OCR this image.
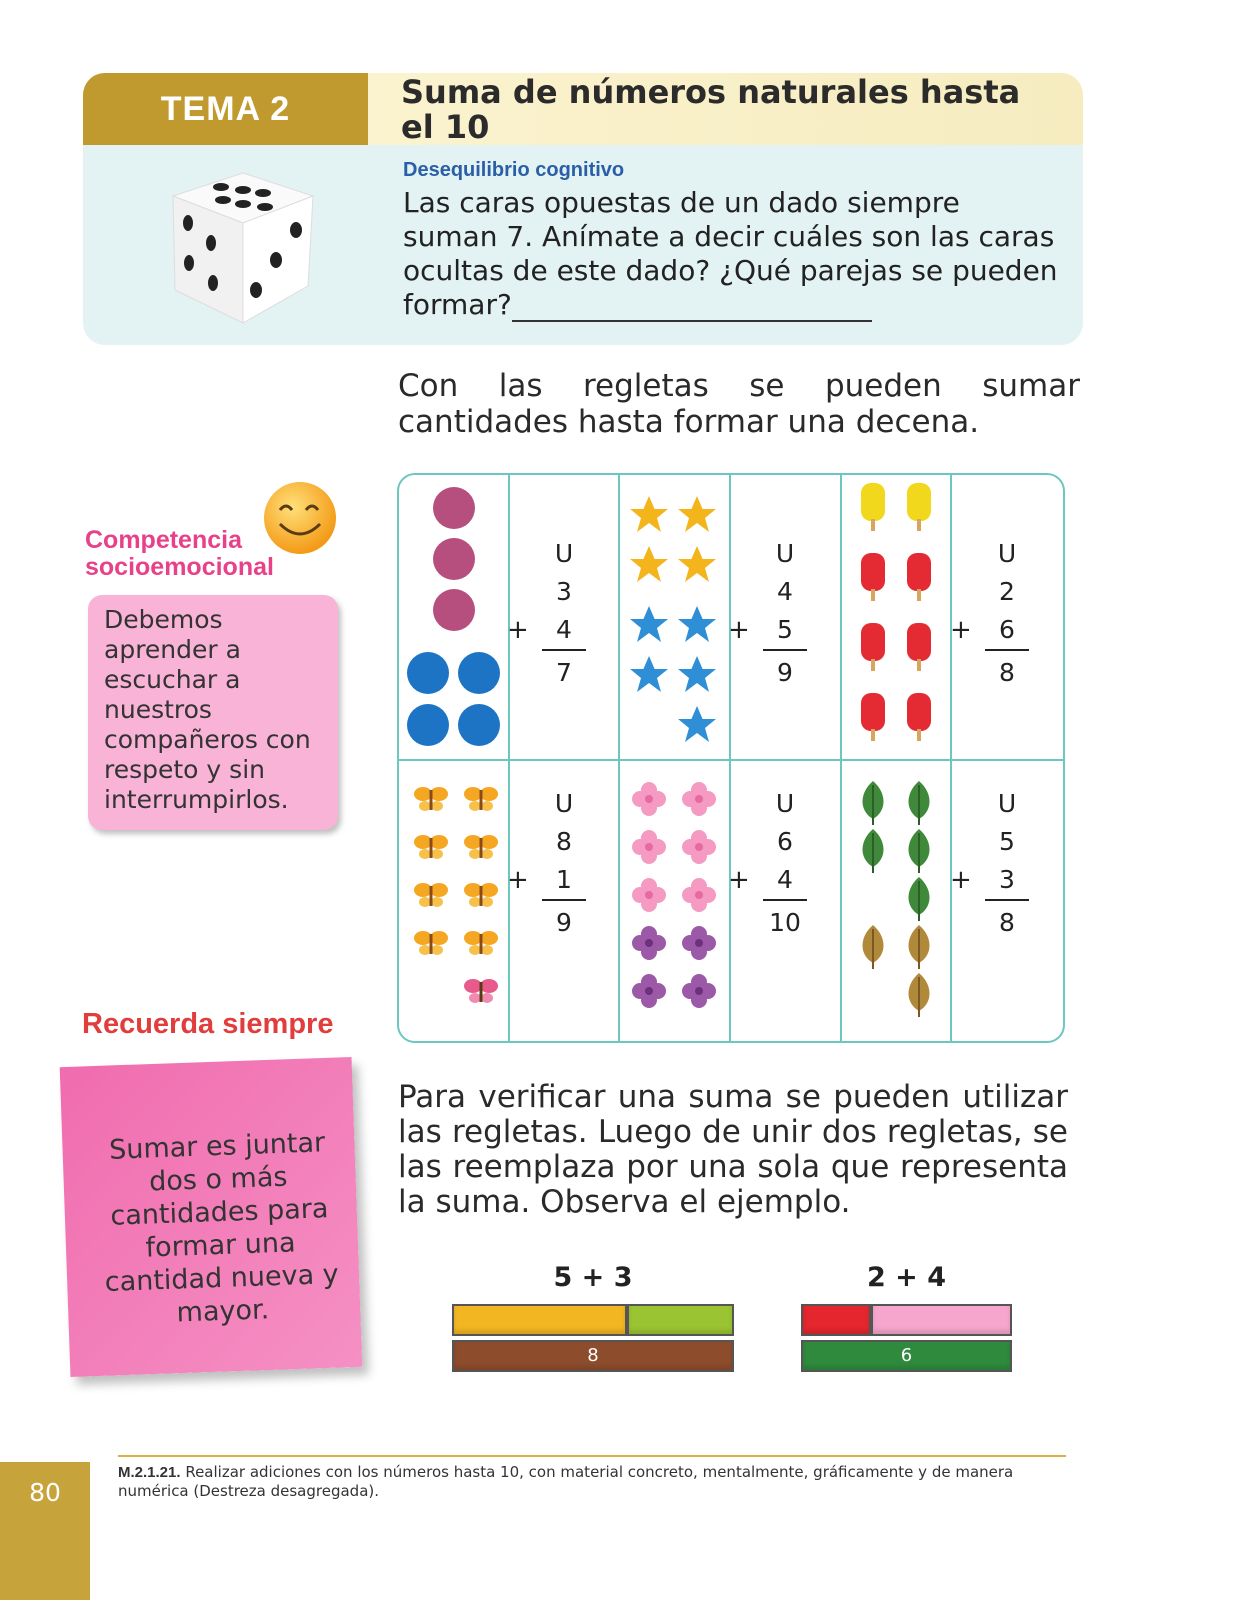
TEMA 2	Suma de números naturales hasta el 10
Desequilibrio cognitivo
Las caras opuestas de un dado siempre suman 7. Anímate a decir cuáles son las caras ocultas de este dado? ¿Qué parejas se pueden formar?
Con las regletas se pueden sumar cantidades hasta formar una decena.
Competencia socioemocional
Debemos aprender a escuchar a nuestros compañeros con respeto y sin interrumpirlos.
U
3
+ 4
7
U
4
+ 5
9
U
2
+ 6
8
U
8
+ 1
9
U
6
+ 4
10
U
5
+ 3
8
Recuerda siempre
Sumar es juntar dos o más cantidades para formar una cantidad nueva y mayor.
Para verificar una suma se pueden utilizar las regletas. Luego de unir dos regletas, se las reemplaza por una sola que representa la suma. Observa el ejemplo.
5 + 3
8
2 + 4
6
80
M.2.1.21. Realizar adiciones con los números hasta 10, con material concreto, mentalmente, gráficamente y de manera numérica (Destreza desagregada).
